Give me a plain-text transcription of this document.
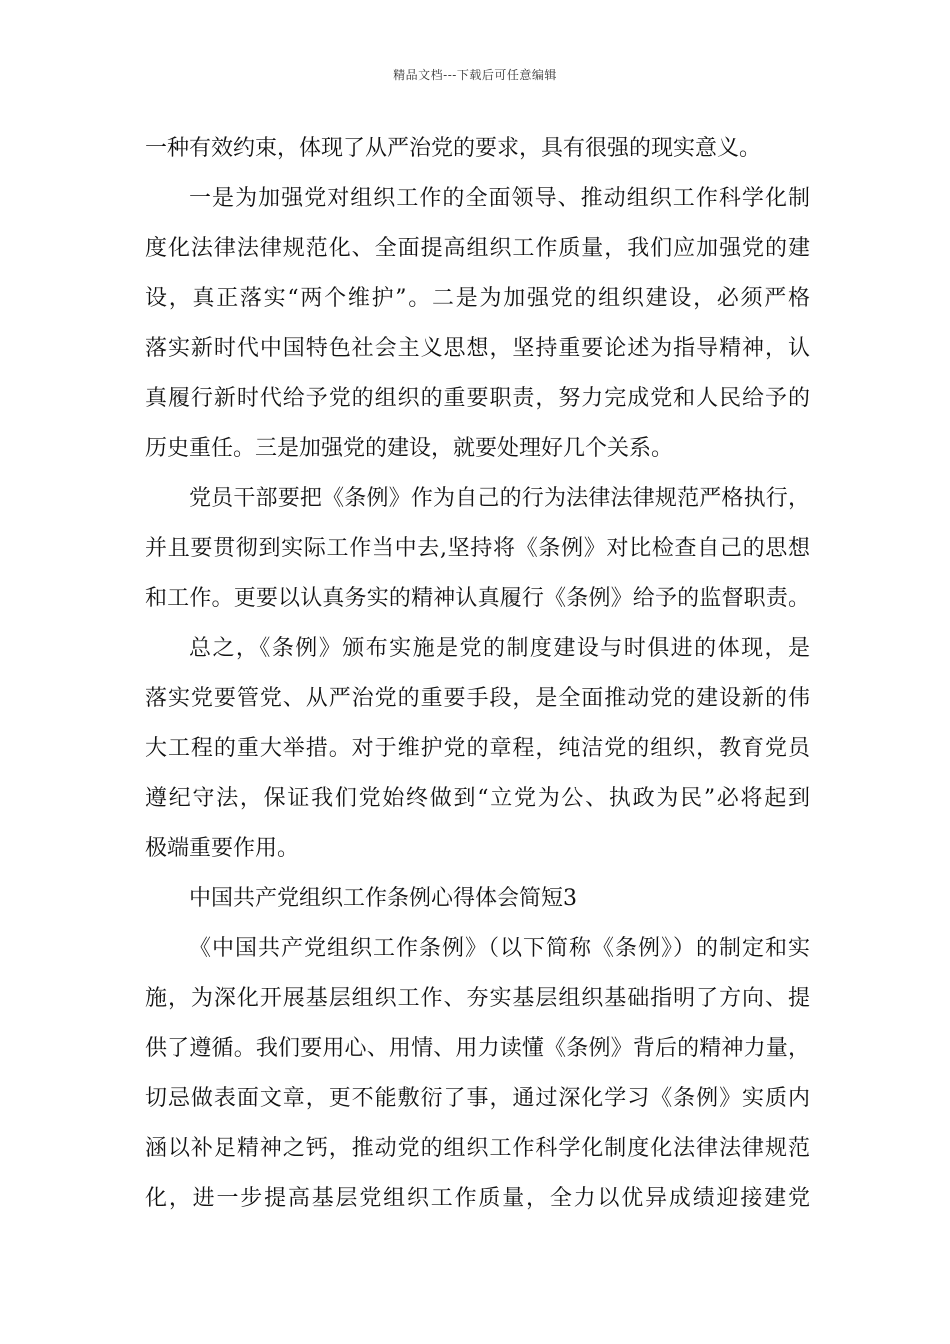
精品文档---下载后可任意编辑
一种有效约束，体现了从严治党的要求，具有很强的现实意义。
一是为加强党对组织工作的全面领导、推动组织工作科学化制
度化法律法律规范化、全面提高组织工作质量，我们应加强党的建
设，真正落实“两个维护”。二是为加强党的组织建设，必须严格
落实新时代中国特色社会主义思想，坚持重要论述为指导精神，认
真履行新时代给予党的组织的重要职责，努力完成党和人民给予的
历史重任。三是加强党的建设，就要处理好几个关系。
党员干部要把《条例》作为自己的行为法律法律规范严格执行，
并且要贯彻到实际工作当中去,坚持将《条例》对比检查自己的思想
和工作。更要以认真务实的精神认真履行《条例》给予的监督职责。
总之，《条例》颁布实施是党的制度建设与时俱进的体现，是
落实党要管党、从严治党的重要手段，是全面推动党的建设新的伟
大工程的重大举措。对于维护党的章程，纯洁党的组织，教育党员
遵纪守法，保证我们党始终做到“立党为公、执政为民”必将起到
极端重要作用。
中国共产党组织工作条例心得体会简短3
《中国共产党组织工作条例》（以下简称《条例》）的制定和实
施，为深化开展基层组织工作、夯实基层组织基础指明了方向、提
供了遵循。我们要用心、用情、用力读懂《条例》背后的精神力量，
切忌做表面文章，更不能敷衍了事，通过深化学习《条例》实质内
涵以补足精神之钙，推动党的组织工作科学化制度化法律法律规范
化，进一步提高基层党组织工作质量，全力以优异成绩迎接建党
